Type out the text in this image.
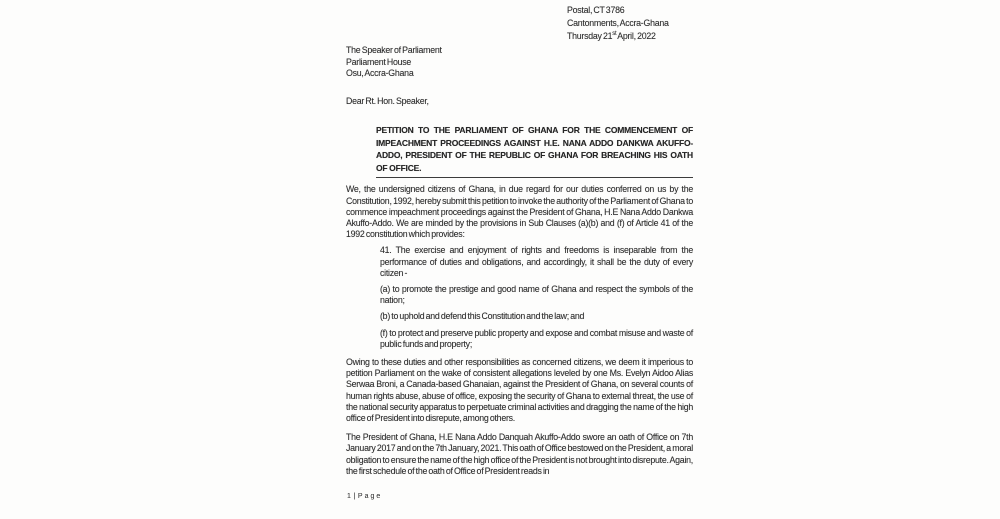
Postal, CT 3786
Cantonments, Accra-Ghana
Thursday 21st April, 2022
The Speaker of Parliament
Parliament House
Osu, Accra-Ghana
Dear Rt. Hon. Speaker,
PETITION TO THE PARLIAMENT OF GHANA FOR THE COMMENCEMENT OF IMPEACHMENT PROCEEDINGS AGAINST H.E. NANA ADDO DANKWA AKUFFO-ADDO, PRESIDENT OF THE REPUBLIC OF GHANA FOR BREACHING HIS OATH OF OFFICE.

We, the undersigned citizens of Ghana, in due regard for our duties conferred on us by the Constitution, 1992, hereby submit this petition to invoke the authority of the Parliament of Ghana to commence impeachment proceedings against the President of Ghana, H.E Nana Addo Dankwa Akuffo-Addo. We are minded by the provisions in Sub Clauses (a)(b) and (f) of Article 41 of the 1992 constitution which provides:

41. The exercise and enjoyment of rights and freedoms is inseparable from the performance of duties and obligations, and accordingly, it shall be the duty of every citizen -

(a) to promote the prestige and good name of Ghana and respect the symbols of the nation;

(b) to uphold and defend this Constitution and the law; and

(f) to protect and preserve public property and expose and combat misuse and waste of public funds and property;

Owing to these duties and other responsibilities as concerned citizens, we deem it imperious to petition Parliament on the wake of consistent allegations leveled by one Ms. Evelyn Aidoo Alias Serwaa Broni, a Canada-based Ghanaian, against the President of Ghana, on several counts of human rights abuse, abuse of office, exposing the security of Ghana to external threat, the use of the national security apparatus to perpetuate criminal activities and dragging the name of the high office of President into disrepute, among others.

The President of Ghana, H.E Nana Addo Danquah Akuffo-Addo swore an oath of Office on 7th January 2017 and on the 7th January, 2021. This oath of Office bestowed on the President, a moral obligation to ensure the name of the high office of the President is not brought into disrepute. Again, the first schedule of the oath of Office of President reads in

1 | Page
